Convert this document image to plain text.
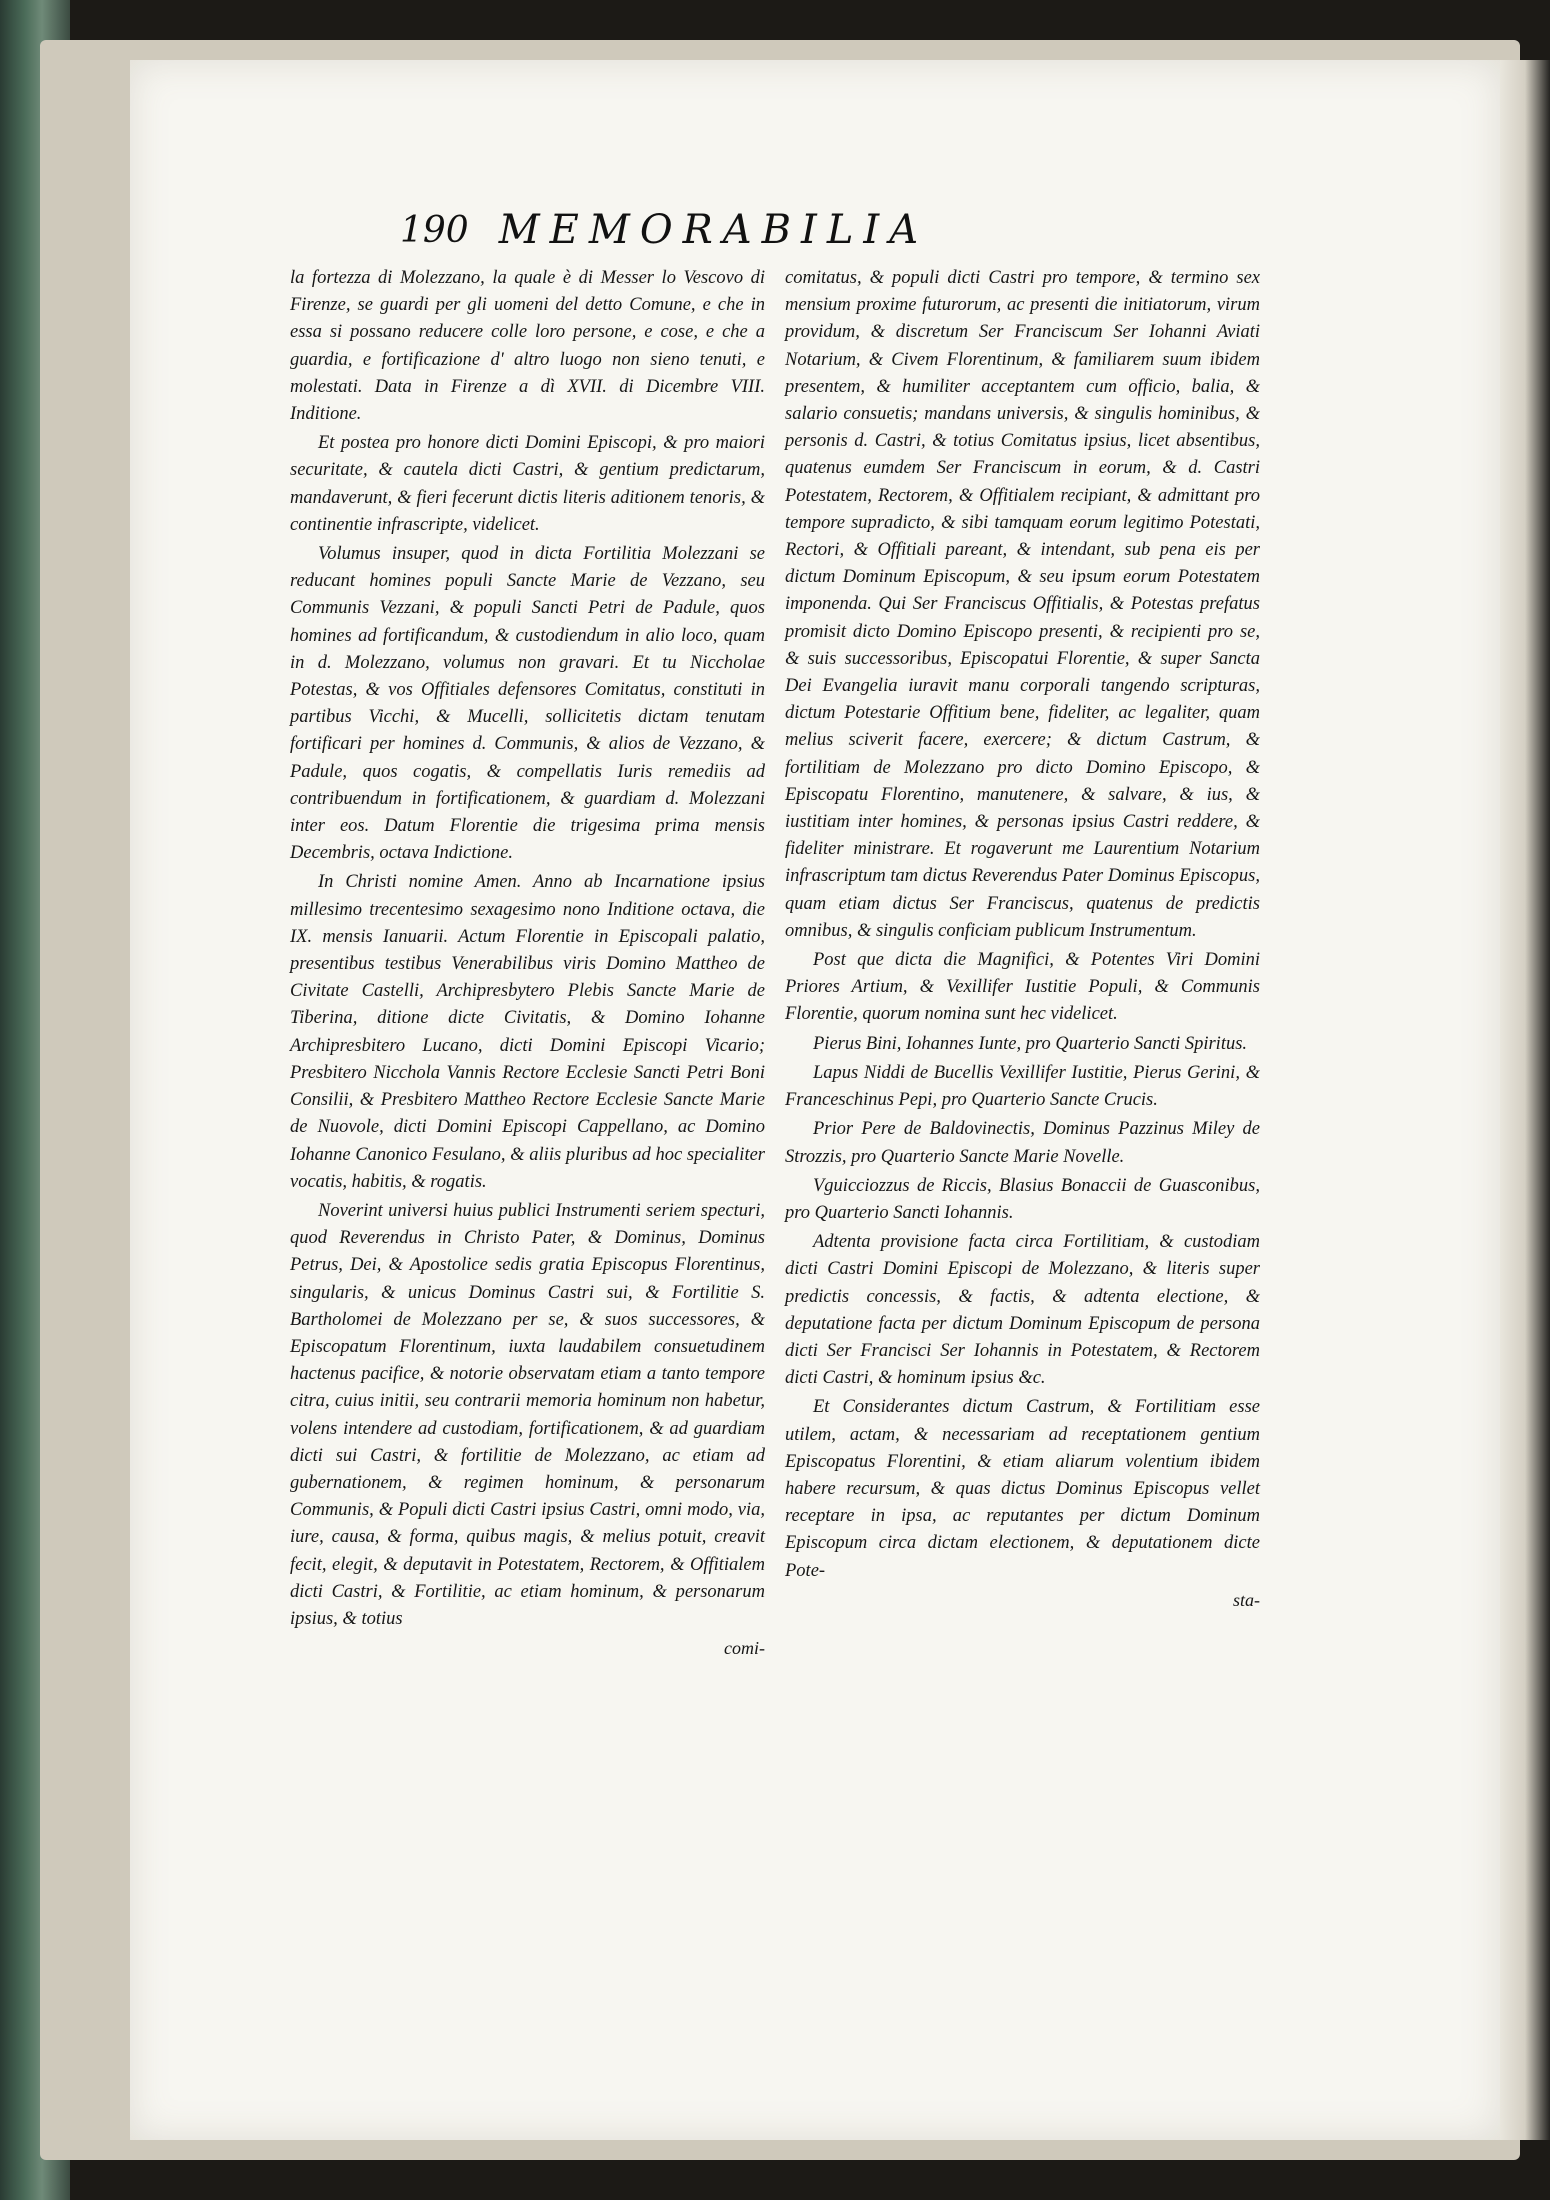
190 MEMORABILIA

la fortezza di Molezzano, la quale è di Messer lo Vescovo di Firenze, se guardi per gli uomeni del detto Comune, e che in essa si possano reducere colle loro persone, e cose, e che a guardia, e fortificazione d' altro luogo non sieno tenuti, e molestati. Data in Firenze a dì XVII. di Dicembre VIII. Inditione.

Et postea pro honore dicti Domini Episcopi, & pro maiori securitate, & cautela dicti Castri, & gentium predictarum, mandaverunt, & fieri fecerunt dictis literis aditionem tenoris, & continentie infrascripte, videlicet.

Volumus insuper, quod in dicta Fortilitia Molezzani se reducant homines populi Sancte Marie de Vezzano, seu Communis Vezzani, & populi Sancti Petri de Padule, quos homines ad fortificandum, & custodiendum in alio loco, quam in d. Molezzano, volumus non gravari. Et tu Niccholae Potestas, & vos Offitiales defensores Comitatus, constituti in partibus Vicchi, & Mucelli, sollicitetis dictam tenutam fortificari per homines d. Communis, & alios de Vezzano, & Padule, quos cogatis, & compellatis Iuris remediis ad contribuendum in fortificationem, & guardiam d. Molezzani inter eos. Datum Florentie die trigesima prima mensis Decembris, octava Indictione.

In Christi nomine Amen. Anno ab Incarnatione ipsius millesimo trecentesimo sexagesimo nono Inditione octava, die IX. mensis Ianuarii. Actum Florentie in Episcopali palatio, presentibus testibus Venerabilibus viris Domino Mattheo de Civitate Castelli, Archipresbytero Plebis Sancte Marie de Tiberina, ditione dicte Civitatis, & Domino Iohanne Archipresbitero Lucano, dicti Domini Episcopi Vicario; Presbitero Nicchola Vannis Rectore Ecclesie Sancti Petri Boni Consilii, & Presbitero Mattheo Rectore Ecclesie Sancte Marie de Nuovole, dicti Domini Episcopi Cappellano, ac Domino Iohanne Canonico Fesulano, & aliis pluribus ad hoc specialiter vocatis, habitis, & rogatis.

Noverint universi huius publici Instrumenti seriem specturi, quod Reverendus in Christo Pater, & Dominus, Dominus Petrus, Dei, & Apostolice sedis gratia Episcopus Florentinus, singularis, & unicus Dominus Castri sui, & Fortilitie S. Bartholomei de Molezzano per se, & suos successores, & Episcopatum Florentinum, iuxta laudabilem consuetudinem hactenus pacifice, & notorie observatam etiam a tanto tempore citra, cuius initii, seu contrarii memoria hominum non habetur, volens intendere ad custodiam, fortificationem, & ad guardiam dicti sui Castri, & fortilitie de Molezzano, ac etiam ad gubernationem, & regimen hominum, & personarum Communis, & Populi dicti Castri ipsius Castri, omni modo, via, iure, causa, & forma, quibus magis, & melius potuit, creavit fecit, elegit, & deputavit in Potestatem, Rectorem, & Offitialem dicti Castri, & Fortilitie, ac etiam hominum, & personarum ipsius, & totius

comi-

comitatus, & populi dicti Castri pro tempore, & termino sex mensium proxime futurorum, ac presenti die initiatorum, virum providum, & discretum Ser Franciscum Ser Iohanni Aviati Notarium, & Civem Florentinum, & familiarem suum ibidem presentem, & humiliter acceptantem cum officio, balia, & salario consuetis; mandans universis, & singulis hominibus, & personis d. Castri, & totius Comitatus ipsius, licet absentibus, quatenus eumdem Ser Franciscum in eorum, & d. Castri Potestatem, Rectorem, & Offitialem recipiant, & admittant pro tempore supradicto, & sibi tamquam eorum legitimo Potestati, Rectori, & Offitiali pareant, & intendant, sub pena eis per dictum Dominum Episcopum, & seu ipsum eorum Potestatem imponenda. Qui Ser Franciscus Offitialis, & Potestas prefatus promisit dicto Domino Episcopo presenti, & recipienti pro se, & suis successoribus, Episcopatui Florentie, & super Sancta Dei Evangelia iuravit manu corporali tangendo scripturas, dictum Potestarie Offitium bene, fideliter, ac legaliter, quam melius sciverit facere, exercere; & dictum Castrum, & fortilitiam de Molezzano pro dicto Domino Episcopo, & Episcopatu Florentino, manutenere, & salvare, & ius, & iustitiam inter homines, & personas ipsius Castri reddere, & fideliter ministrare. Et rogaverunt me Laurentium Notarium infrascriptum tam dictus Reverendus Pater Dominus Episcopus, quam etiam dictus Ser Franciscus, quatenus de predictis omnibus, & singulis conficiam publicum Instrumentum.

Post que dicta die Magnifici, & Potentes Viri Domini Priores Artium, & Vexillifer Iustitie Populi, & Communis Florentie, quorum nomina sunt hec videlicet.

Pierus Bini, Iohannes Iunte, pro Quarterio Sancti Spiritus.

Lapus Niddi de Bucellis Vexillifer Iustitie, Pierus Gerini, & Franceschinus Pepi, pro Quarterio Sancte Crucis.

Prior Pere de Baldovinectis, Dominus Pazzinus Miley de Strozzis, pro Quarterio Sancte Marie Novelle.

Vguicciozzus de Riccis, Blasius Bonaccii de Guasconibus, pro Quarterio Sancti Iohannis.

Adtenta provisione facta circa Fortilitiam, & custodiam dicti Castri Domini Episcopi de Molezzano, & literis super predictis concessis, & factis, & adtenta electione, & deputatione facta per dictum Dominum Episcopum de persona dicti Ser Francisci Ser Iohannis in Potestatem, & Rectorem dicti Castri, & hominum ipsius &c.

Et Considerantes dictum Castrum, & Fortilitiam esse utilem, actam, & necessariam ad receptationem gentium Episcopatus Florentini, & etiam aliarum volentium ibidem habere recursum, & quas dictus Dominus Episcopus vellet receptare in ipsa, ac reputantes per dictum Dominum Episcopum circa dictam electionem, & deputationem dicte Pote-

sta-
